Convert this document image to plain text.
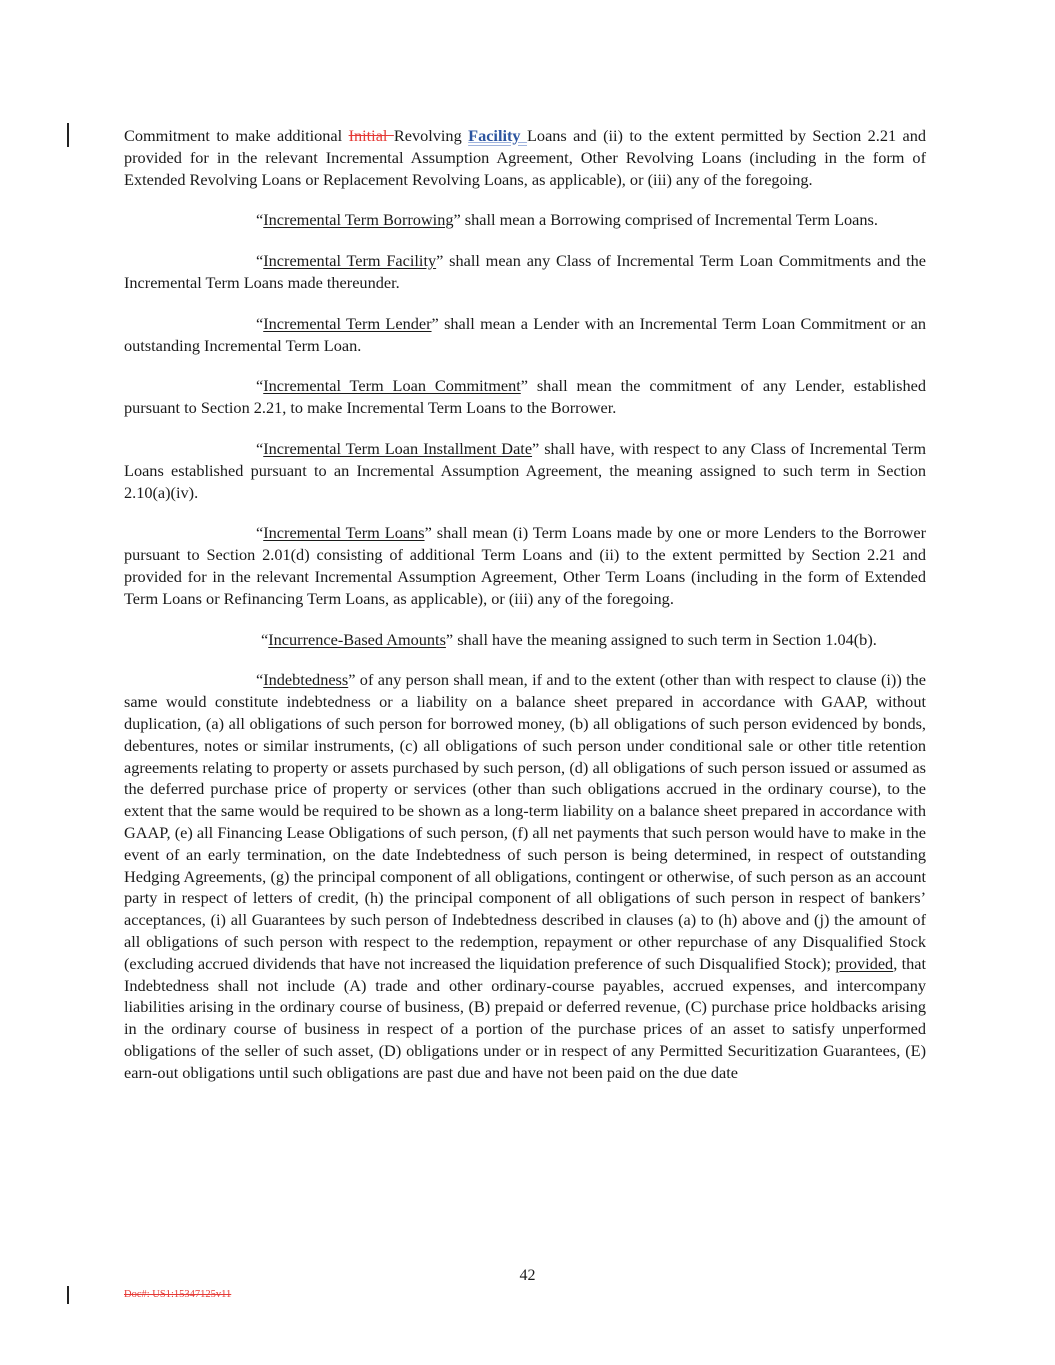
Commitment to make additional Initial Revolving Facility Loans and (ii) to the extent permitted by Section 2.21 and provided for in the relevant Incremental Assumption Agreement, Other Revolving Loans (including in the form of Extended Revolving Loans or Replacement Revolving Loans, as applicable), or (iii) any of the foregoing.

“Incremental Term Borrowing” shall mean a Borrowing comprised of Incremental Term Loans.

“Incremental Term Facility” shall mean any Class of Incremental Term Loan Commitments and the Incremental Term Loans made thereunder.

“Incremental Term Lender” shall mean a Lender with an Incremental Term Loan Commitment or an outstanding Incremental Term Loan.

“Incremental Term Loan Commitment” shall mean the commitment of any Lender, established pursuant to Section 2.21, to make Incremental Term Loans to the Borrower.

“Incremental Term Loan Installment Date” shall have, with respect to any Class of Incremental Term Loans established pursuant to an Incremental Assumption Agreement, the meaning assigned to such term in Section 2.10(a)(iv).

“Incremental Term Loans” shall mean (i) Term Loans made by one or more Lenders to the Borrower pursuant to Section 2.01(d) consisting of additional Term Loans and (ii) to the extent permitted by Section 2.21 and provided for in the relevant Incremental Assumption Agreement, Other Term Loans (including in the form of Extended Term Loans or Refinancing Term Loans, as applicable), or (iii) any of the foregoing.

“Incurrence-Based Amounts” shall have the meaning assigned to such term in Section 1.04(b).

“Indebtedness” of any person shall mean, if and to the extent (other than with respect to clause (i)) the same would constitute indebtedness or a liability on a balance sheet prepared in accordance with GAAP, without duplication, (a) all obligations of such person for borrowed money, (b) all obligations of such person evidenced by bonds, debentures, notes or similar instruments, (c) all obligations of such person under conditional sale or other title retention agreements relating to property or assets purchased by such person, (d) all obligations of such person issued or assumed as the deferred purchase price of property or services (other than such obligations accrued in the ordinary course), to the extent that the same would be required to be shown as a long-term liability on a balance sheet prepared in accordance with GAAP, (e) all Financing Lease Obligations of such person, (f) all net payments that such person would have to make in the event of an early termination, on the date Indebtedness of such person is being determined, in respect of outstanding Hedging Agreements, (g) the principal component of all obligations, contingent or otherwise, of such person as an account party in respect of letters of credit, (h) the principal component of all obligations of such person in respect of bankers’ acceptances, (i) all Guarantees by such person of Indebtedness described in clauses (a) to (h) above and (j) the amount of all obligations of such person with respect to the redemption, repayment or other repurchase of any Disqualified Stock (excluding accrued dividends that have not increased the liquidation preference of such Disqualified Stock); provided, that Indebtedness shall not include (A) trade and other ordinary-course payables, accrued expenses, and intercompany liabilities arising in the ordinary course of business, (B) prepaid or deferred revenue, (C) purchase price holdbacks arising in the ordinary course of business in respect of a portion of the purchase prices of an asset to satisfy unperformed obligations of the seller of such asset, (D) obligations under or in respect of any Permitted Securitization Guarantees, (E) earn-out obligations until such obligations are past due and have not been paid on the due date

42
Doc#: US1:15347125v11
